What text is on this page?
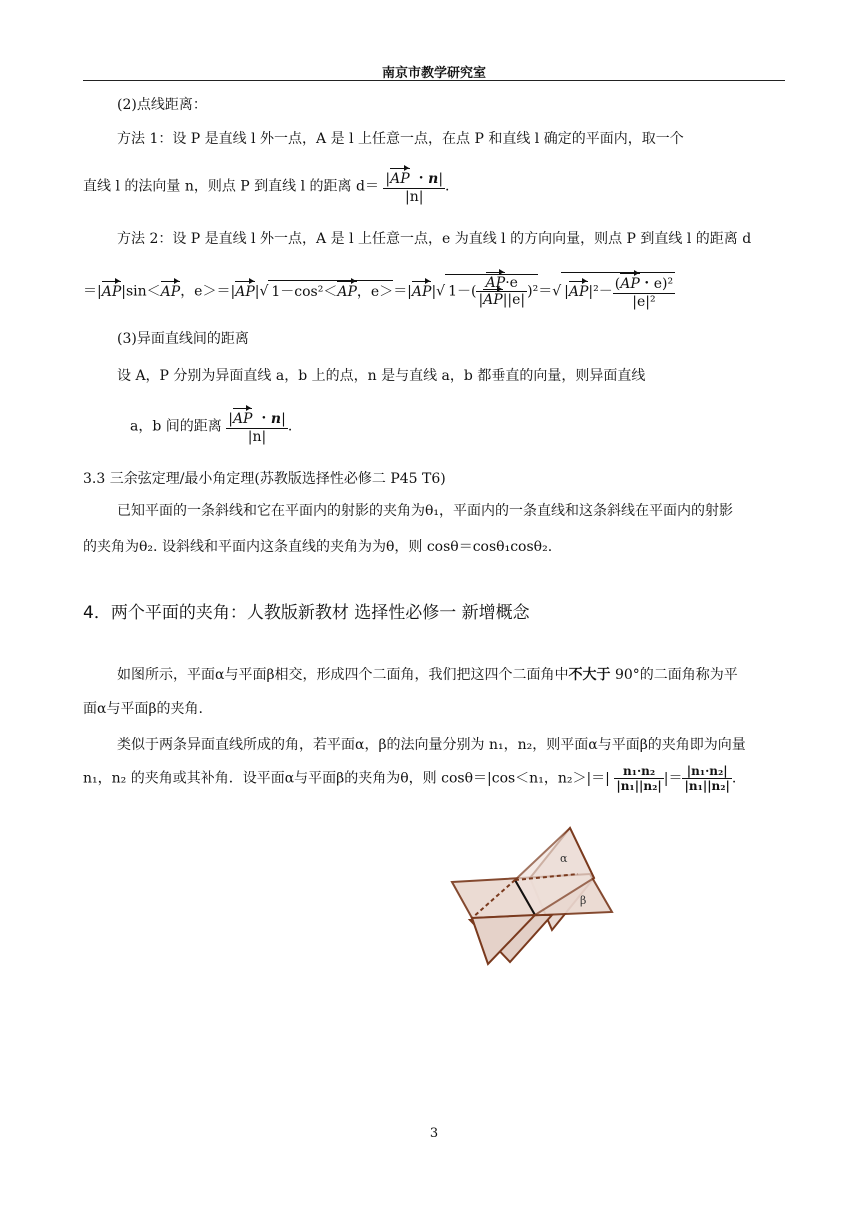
南京市教学研究室
(2)点线距离：
方法 1：设 P 是直线 l 外一点，A 是 l 上任意一点，在点 P 和直线 l 确定的平面内，取一个
直线 l 的法向量 n，则点 P 到直线 l 的距离 $d= \frac{|AP ・n|}{|n|}$ .
方法 2：设 P 是直线 l 外一点，A 是 l 上任意一点，e 为直线 l 的方向向量，则点 P 到直线 l 的距离 d
＝|AP|sin＜AP，e＞＝|AP|√ 1－cos²＜AP，e＞＝|AP|√ $1-( \frac{AP\cdot e}{|AP||e|} )^2=√$ $|AP|^2- \frac{\text{(AP・e)²}}{\text{|e|²}}$
(3)异面直线间的距离
设 A，P 分别为异面直线 a，b 上的点，n 是与直线 a，b 都垂直的向量，则异面直线
a，b 间的距离 $\frac{|AP ・n|}{|n|}$ .
3.3 三余弦定理/最小角定理(苏教版选择性必修二 P45 T6)
已知平面的一条斜线和它在平面内的射影的夹角为θ₁，平面内的一条直线和这条斜线在平面内的射影
的夹角为θ₂. 设斜线和平面内这条直线的夹角为为θ，则 cosθ＝cosθ₁cosθ₂.
4．两个平面的夹角：人教版新教材 选择性必修一 新增概念
如图所示，平面α与平面β相交，形成四个二面角，我们把这四个二面角中不大于 90°的二面角称为平
面α与平面β的夹角.
类似于两条异面直线所成的角，若平面α，β的法向量分别为 n₁，n₂，则平面α与平面β的夹角即为向量
n₁，n₂ 的夹角或其补角．设平面α与平面β的夹角为θ，则 cosθ＝|cos＜n₁，$n_2>|=| \frac{\text{n₁·n₂}}{\text{|n₁||n₂|}}$ |＝ $\frac{\text{|n₁·n₂|}}{\text{|n₁||n₂|}}$ .
α
β
3
